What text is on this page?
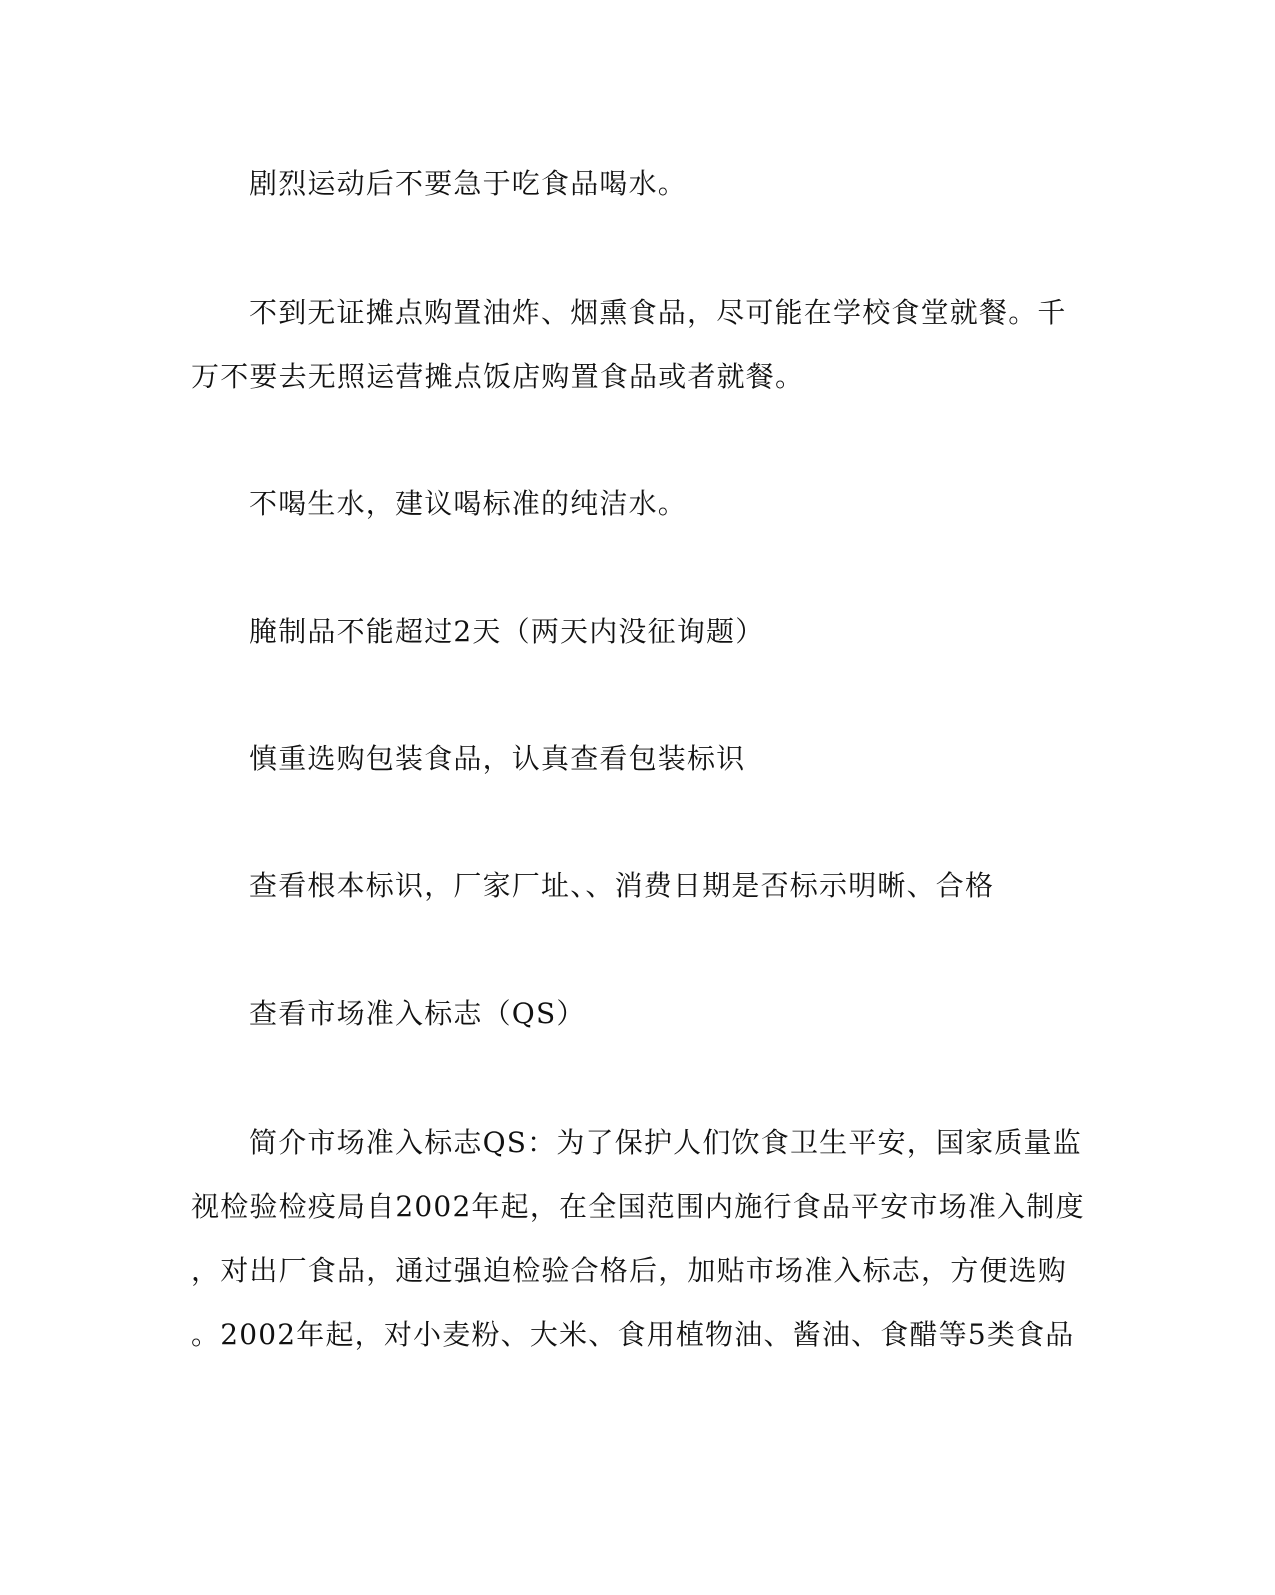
剧烈运动后不要急于吃食品喝水。

不到无证摊点购置油炸、烟熏食品，尽可能在学校食堂就餐。千
万不要去无照运营摊点饭店购置食品或者就餐。

不喝生水，建议喝标准的纯洁水。

腌制品不能超过2天（两天内没征询题）

慎重选购包装食品，认真查看包装标识

查看根本标识，厂家厂址、、消费日期是否标示明晰、合格

查看市场准入标志（QS）

简介市场准入标志QS：为了保护人们饮食卫生平安，国家质量监
视检验检疫局自2002年起，在全国范围内施行食品平安市场准入制度
，对出厂食品，通过强迫检验合格后，加贴市场准入标志，方便选购
。2002年起，对小麦粉、大米、食用植物油、酱油、食醋等5类食品
